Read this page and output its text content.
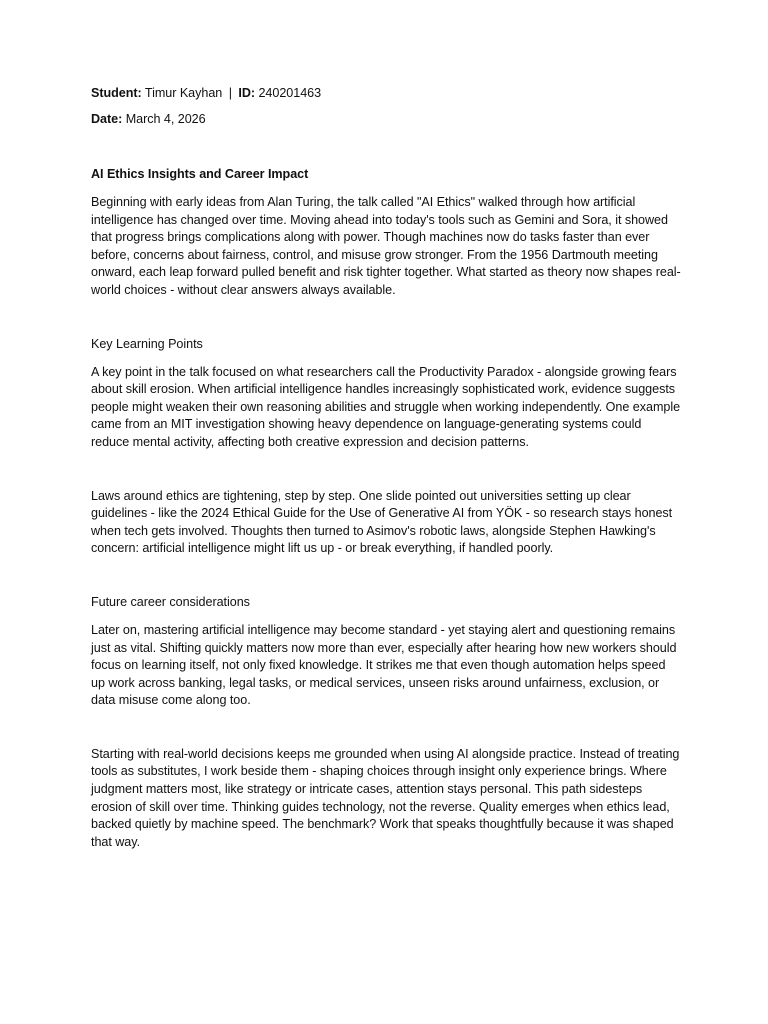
Student: Timur Kayhan | ID: 240201463

Date: March 4, 2026

AI Ethics Insights and Career Impact

Beginning with early ideas from Alan Turing, the talk called "AI Ethics" walked through how artificial intelligence has changed over time. Moving ahead into today's tools such as Gemini and Sora, it showed that progress brings complications along with power. Though machines now do tasks faster than ever before, concerns about fairness, control, and misuse grow stronger. From the 1956 Dartmouth meeting onward, each leap forward pulled benefit and risk tighter together. What started as theory now shapes real-world choices - without clear answers always available.

Key Learning Points

A key point in the talk focused on what researchers call the Productivity Paradox - alongside growing fears about skill erosion. When artificial intelligence handles increasingly sophisticated work, evidence suggests people might weaken their own reasoning abilities and struggle when working independently. One example came from an MIT investigation showing heavy dependence on language-generating systems could reduce mental activity, affecting both creative expression and decision patterns.

Laws around ethics are tightening, step by step. One slide pointed out universities setting up clear guidelines - like the 2024 Ethical Guide for the Use of Generative AI from YÖK - so research stays honest when tech gets involved. Thoughts then turned to Asimov's robotic laws, alongside Stephen Hawking's concern: artificial intelligence might lift us up - or break everything, if handled poorly.

Future career considerations

Later on, mastering artificial intelligence may become standard - yet staying alert and questioning remains just as vital. Shifting quickly matters now more than ever, especially after hearing how new workers should focus on learning itself, not only fixed knowledge. It strikes me that even though automation helps speed up work across banking, legal tasks, or medical services, unseen risks around unfairness, exclusion, or data misuse come along too.

Starting with real-world decisions keeps me grounded when using AI alongside practice. Instead of treating tools as substitutes, I work beside them - shaping choices through insight only experience brings. Where judgment matters most, like strategy or intricate cases, attention stays personal. This path sidesteps erosion of skill over time. Thinking guides technology, not the reverse. Quality emerges when ethics lead, backed quietly by machine speed. The benchmark? Work that speaks thoughtfully because it was shaped that way.
